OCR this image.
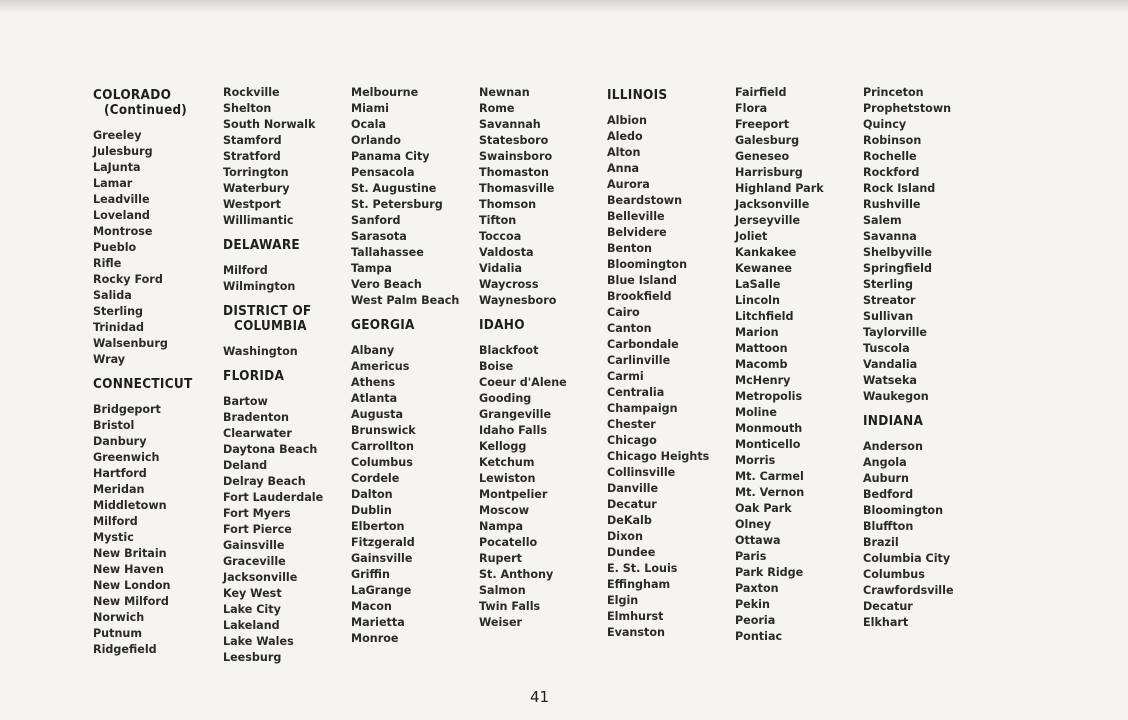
COLORADO
(Continued)
Greeley
Julesburg
LaJunta
Lamar
Leadville
Loveland
Montrose
Pueblo
Rifle
Rocky Ford
Salida
Sterling
Trinidad
Walsenburg
Wray
CONNECTICUT
Bridgeport
Bristol
Danbury
Greenwich
Hartford
Meridan
Middletown
Milford
Mystic
New Britain
New Haven
New London
New Milford
Norwich
Putnum
Ridgefield
Rockville
Shelton
South Norwalk
Stamford
Stratford
Torrington
Waterbury
Westport
Willimantic
DELAWARE
Milford
Wilmington
DISTRICT OF
COLUMBIA
Washington
FLORIDA
Bartow
Bradenton
Clearwater
Daytona Beach
Deland
Delray Beach
Fort Lauderdale
Fort Myers
Fort Pierce
Gainsville
Graceville
Jacksonville
Key West
Lake City
Lakeland
Lake Wales
Leesburg
Melbourne
Miami
Ocala
Orlando
Panama City
Pensacola
St. Augustine
St. Petersburg
Sanford
Sarasota
Tallahassee
Tampa
Vero Beach
West Palm Beach
GEORGIA
Albany
Americus
Athens
Atlanta
Augusta
Brunswick
Carrollton
Columbus
Cordele
Dalton
Dublin
Elberton
Fitzgerald
Gainsville
Griffin
LaGrange
Macon
Marietta
Monroe
Newnan
Rome
Savannah
Statesboro
Swainsboro
Thomaston
Thomasville
Thomson
Tifton
Toccoa
Valdosta
Vidalia
Waycross
Waynesboro
IDAHO
Blackfoot
Boise
Coeur d'Alene
Gooding
Grangeville
Idaho Falls
Kellogg
Ketchum
Lewiston
Montpelier
Moscow
Nampa
Pocatello
Rupert
St. Anthony
Salmon
Twin Falls
Weiser
ILLINOIS
Albion
Aledo
Alton
Anna
Aurora
Beardstown
Belleville
Belvidere
Benton
Bloomington
Blue Island
Brookfield
Cairo
Canton
Carbondale
Carlinville
Carmi
Centralia
Champaign
Chester
Chicago
Chicago Heights
Collinsville
Danville
Decatur
DeKalb
Dixon
Dundee
E. St. Louis
Effingham
Elgin
Elmhurst
Evanston
Fairfield
Flora
Freeport
Galesburg
Geneseo
Harrisburg
Highland Park
Jacksonville
Jerseyville
Joliet
Kankakee
Kewanee
LaSalle
Lincoln
Litchfield
Marion
Mattoon
Macomb
McHenry
Metropolis
Moline
Monmouth
Monticello
Morris
Mt. Carmel
Mt. Vernon
Oak Park
Olney
Ottawa
Paris
Park Ridge
Paxton
Pekin
Peoria
Pontiac
Princeton
Prophetstown
Quincy
Robinson
Rochelle
Rockford
Rock Island
Rushville
Salem
Savanna
Shelbyville
Springfield
Sterling
Streator
Sullivan
Taylorville
Tuscola
Vandalia
Watseka
Waukegon
INDIANA
Anderson
Angola
Auburn
Bedford
Bloomington
Bluffton
Brazil
Columbia City
Columbus
Crawfordsville
Decatur
Elkhart
41
